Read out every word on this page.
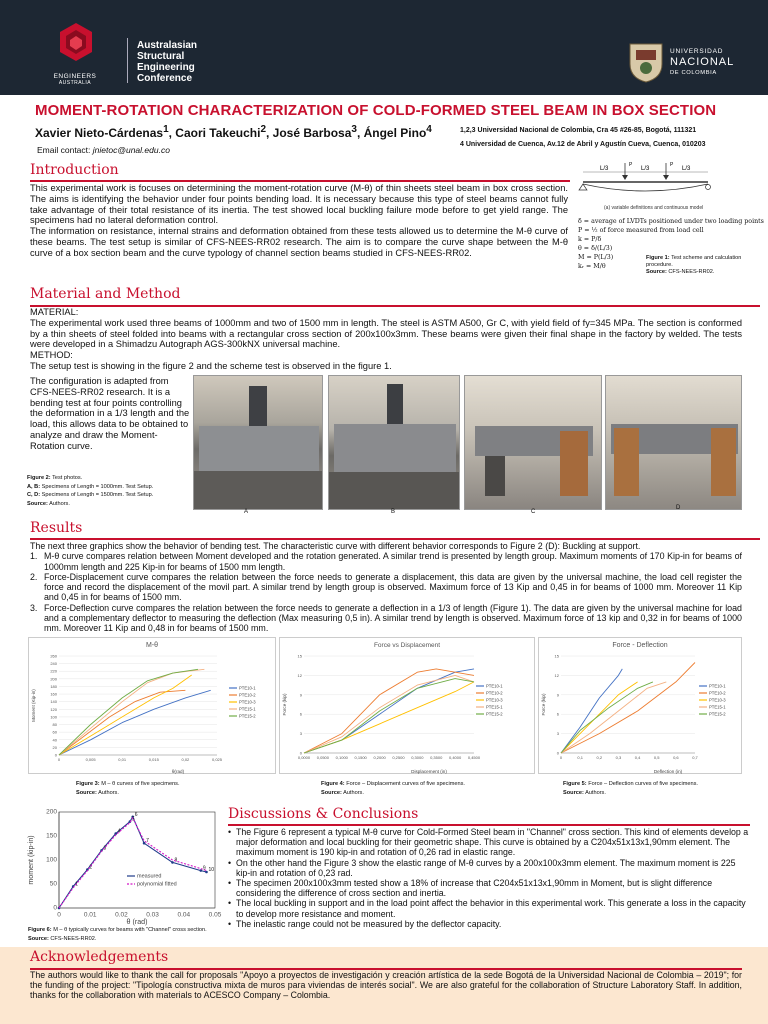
ENGINEERS
AUSTRALIA
Australasian
Structural
Engineering
Conference
UNIVERSIDAD
NACIONAL
DE COLOMBIA
MOMENT-ROTATION CHARACTERIZATION OF COLD-FORMED STEEL BEAM IN BOX SECTION
Xavier Nieto-Cárdenas$^1$, Caori Takeuchi$^2$, José Barbosa$^3$, Ángel Pino$^4$	1,2,3 Universidad Nacional de Colombia, Cra 45 #26-85, Bogotá, 111321
4 Universidad de Cuenca, Av.12 de Abril y Agustín Cueva, Cuenca, 010203
Email contact: jnietoc@unal.edu.co
Introduction
This experimental work is focuses on determining the moment-rotation curve (M-θ) of thin sheets steel beam in box cross section. The aims is identifying the behavior under four points bending load. It is necessary because this type of steel beams cannot fully take advantage of their total resistance of its inertia. The test showed local buckling failure mode before to get yield range. The specimens had no lateral deformation control.
The information on resistance, internal strains and deformation obtained from these tests allowed us to determine the M-θ curve of these beams. The test setup is similar of CFS-NEES-RR02 research. The aim is to compare the curve shape between the M-θ curve of a box section beam and the curve typology of channel section beams studied in CFS-NEES-RR02.
L/3	L/3	L/3
P	P
(a) variable definitions and continuous model
δ = average of LVDTs positioned under two loading points
P = ½ of force measured from load cell
k = P/δ
θ = δ/(L/3)
M = P(L/3)
kᵣ = M/θ
Figure 1: Test scheme and calculation procedure.
Source: CFS-NEES-RR02.
Material and Method
MATERIAL:
The experimental work used three beams of 1000mm and two of 1500 mm in length. The steel is ASTM A500, Gr C, with yield field of fy=345 MPa. The section is conformed by a thin sheets of steel folded into beams with a rectangular cross section of 200x100x3mm. These beams were given their final shape in the factory by welded. The tests were developed in a Shimadzu Autograph AGS-300kNX universal machine.
METHOD:
The setup test is showing in the figure 2 and the scheme test is observed in the figure 1.
The configuration is adapted from CFS-NEES-RR02 research. It is a bending test at four points controlling the deformation in a 1/3 length and the load, this allows data to be obtained to analyze and draw the Moment-Rotation curve.
Figure 2: Test photos.
A, B: Specimens of Length = 1000mm. Test Setup.
C, D: Specimens of Length = 1500mm. Test Setup.
Source: Authors.
A	B	C
D
Results
The next three graphics show the behavior of bending test. The characteristic curve with different behavior corresponds to Figure 2 (D): Buckling at support.
1. M-θ curve compares relation between Moment developed and the rotation generated. A similar trend is presented by length group. Maximum moments of 170 Kip-in for beams of 1000mm length and 225 Kip-in for beams of 1500 mm length.
2. Force-Displacement curve compares the relation between the force needs to generate a displacement, this data are given by the universal machine, the load cell register the force and record the displacement of the movil part. A similar trend by length group is observed. Maximum force of 13 Kip and 0,45 in for beams of 1000 mm. Moreover 11 Kip and 0,45 in for beams of 1500 mm.
3. Force-Deflection curve compares the relation between the force needs to generate a deflection in a 1/3 of length (Figure 1). The data are given by the universal machine for load and a complementary deflector to measuring the deflection (Max measuring 0,5 in). A similar trend by length is observed. Maximum force of 13 kip and 0,32 in for beams of 1000 mm. Moreover 11 Kip and 0,48 in for beams of 1500 mm.
M-θ
0
20
40
60
80
100
120
140
160
180
200
220
240
260
0	0,005	0,01	0,015	0,02	0,025
θ(rad)
Moment (Kip-in)
PTE10-1
PTE10-2
PTE10-3
PTE15-1
PTE15-2
Force vs Displacement
0
3
6
9
12
15
0,0000 0,0500 0,1000 0,1500 0,2000 0,2500 0,3000 0,3500 0,4000 0,4500
Displacement (in)
Force (kip)
PTE10-1
PTE10-2
PTE10-3
PTE15-1
PTE15-2
Force - Deflection
0
3
6
9
12
15
0	0,1	0,2	0,3	0,4	0,5	0,6	0,7
Deflection (in)
Force (kip)
PTE10-1
PTE10-2
PTE10-3
PTE15-1
PTE15-2
Figure 3: M – θ curves of five specimens.
Source: Authors.
Figure 4: Force – Displacement curves of five specimens.
Source: Authors.
Figure 5: Force – Deflection curves of five specimens.
Source: Authors.
0
50
100
150
200
0	0.01	0.02	0.03	0.04	0.05
θ (rad)
moment (kip-in)	1
2
3
4
5
6
7
8
9 10
measured
polynomial fitted
Figure 6: M – θ typically curves for beams with "Channel" cross section.
Source: CFS-NEES-RR02.
Discussions & Conclusions
• The Figure 6 represent a typical M-θ curve for Cold-Formed Steel beam in "Channel" cross section. This kind of elements develop a major deformation and local buckling for their geometric shape. This curve is obtained by a C204x51x13x1,90mm element. The maximum moment is 190 kip-in and rotation of 0,26 rad in elastic range.
• On the other hand the Figure 3 show the elastic range of M-θ curves by a 200x100x3mm element. The maximum moment is 225 kip-in and rotation of 0,23 rad.
• The specimen 200x100x3mm tested show a 18% of increase that C204x51x13x1,90mm in Moment, but is slight difference considering the difference of cross section and inertia.
• The local buckling in support and in the load point affect the behavior in this experimental work. This generate a loss in the capacity to develop more resistance and moment.
• The inelastic range could not be measured by the deflector capacity.
Acknowledgements
The authors would like to thank the call for proposals "Apoyo a proyectos de investigación y creación artística de la sede Bogotá de la Universidad Nacional de Colombia – 2019"; for the funding of the project: "Tipología constructiva mixta de muros para viviendas de interés social". We are also grateful for the collaboration of Structure Laboratory Staff. In addition, thanks for the collaboration with materials to ACESCO Company – Colombia.
